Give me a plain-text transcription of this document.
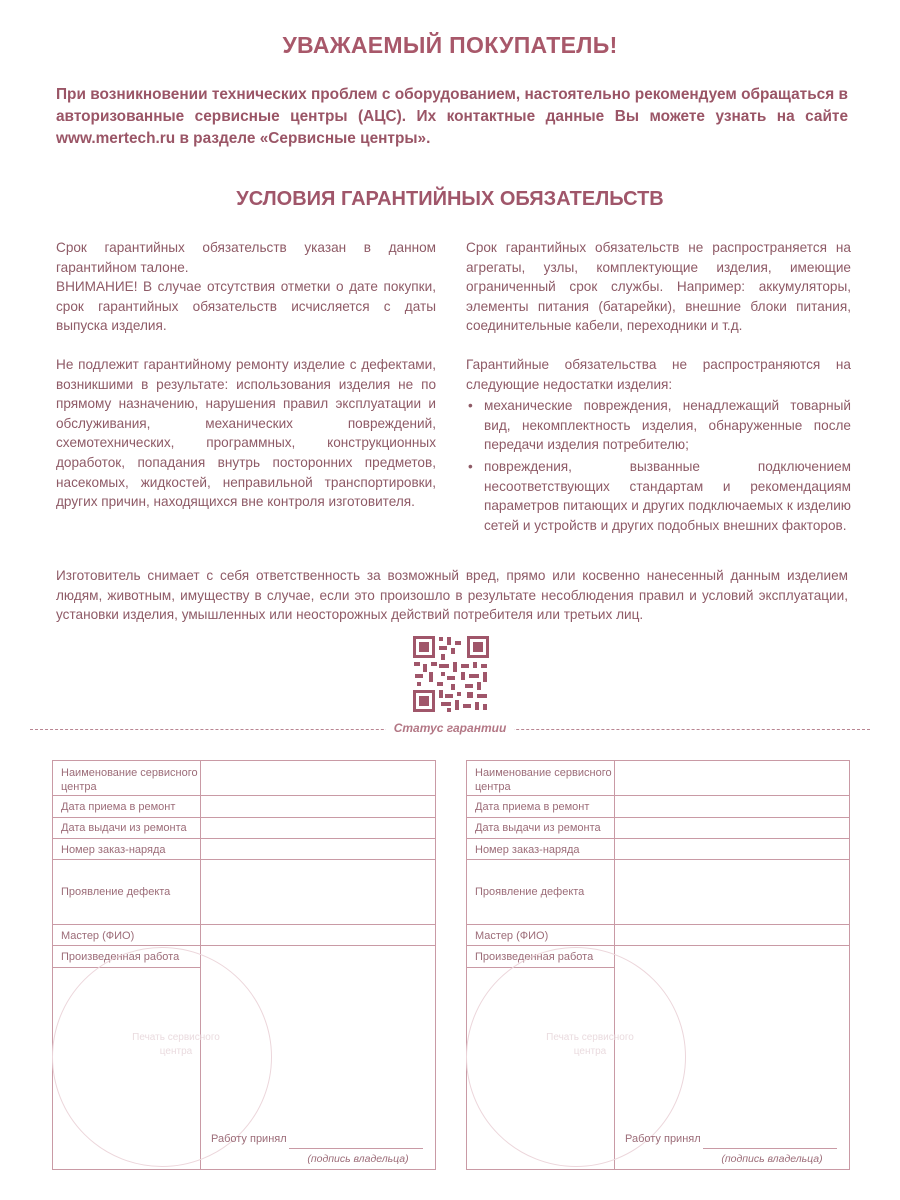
УВАЖАЕМЫЙ ПОКУПАТЕЛЬ!
При возникновении технических проблем с оборудованием, настоятельно рекомендуем обращаться в авторизованные сервисные центры (АЦС). Их контактные данные Вы можете узнать на сайте www.mertech.ru в разделе «Сервисные центры».
УСЛОВИЯ ГАРАНТИЙНЫХ ОБЯЗАТЕЛЬСТВ

Срок гарантийных обязательств указан в данном гарантийном талоне.

ВНИМАНИЕ! В случае отсутствия отметки о дате покупки, срок гарантийных обязательств исчисляется с даты выпуска изделия.

Не подлежит гарантийному ремонту изделие с дефектами, возникшими в результате: использования изделия не по прямому назначению, нарушения правил эксплуатации и обслуживания, механических повреждений, схемотехнических, программных, конструкционных доработок, попадания внутрь посторонних предметов, насекомых, жидкостей, неправильной транспортировки, других причин, находящихся вне контроля изготовителя.

Срок гарантийных обязательств не распространяется на агрегаты, узлы, комплектующие изделия, имеющие ограниченный срок службы. Например: аккумуляторы, элементы питания (батарейки), внешние блоки питания, соединительные кабели, переходники и т.д.

Гарантийные обязательства не распространяются на следующие недостатки изделия:

• механические повреждения, ненадлежащий товарный вид, некомплектность изделия, обнаруженные после передачи изделия потребителю;
• повреждения, вызванные подключением несоответствующих стандартам и рекомендациям параметров питающих и других подключаемых к изделию сетей и устройств и других подобных внешних факторов.
Изготовитель снимает с себя ответственность за возможный вред, прямо или косвенно нанесенный данным изделием людям, животным, имуществу в случае, если это произошло в результате несоблюдения правил и условий эксплуатации, установки изделия, умышленных или неосторожных действий потребителя или третьих лиц.
Статус гарантии
Наименование сервисного центра
Дата приема в ремонт
Дата выдачи из ремонта
Номер заказ-наряда
Проявление дефекта
Мастер (ФИО)
Произведенная работа
Печать сервисного центра
Работу принял
(подпись владельца)
Наименование сервисного центра
Дата приема в ремонт
Дата выдачи из ремонта
Номер заказ-наряда
Проявление дефекта
Мастер (ФИО)
Произведенная работа
Печать сервисного центра
Работу принял
(подпись владельца)
